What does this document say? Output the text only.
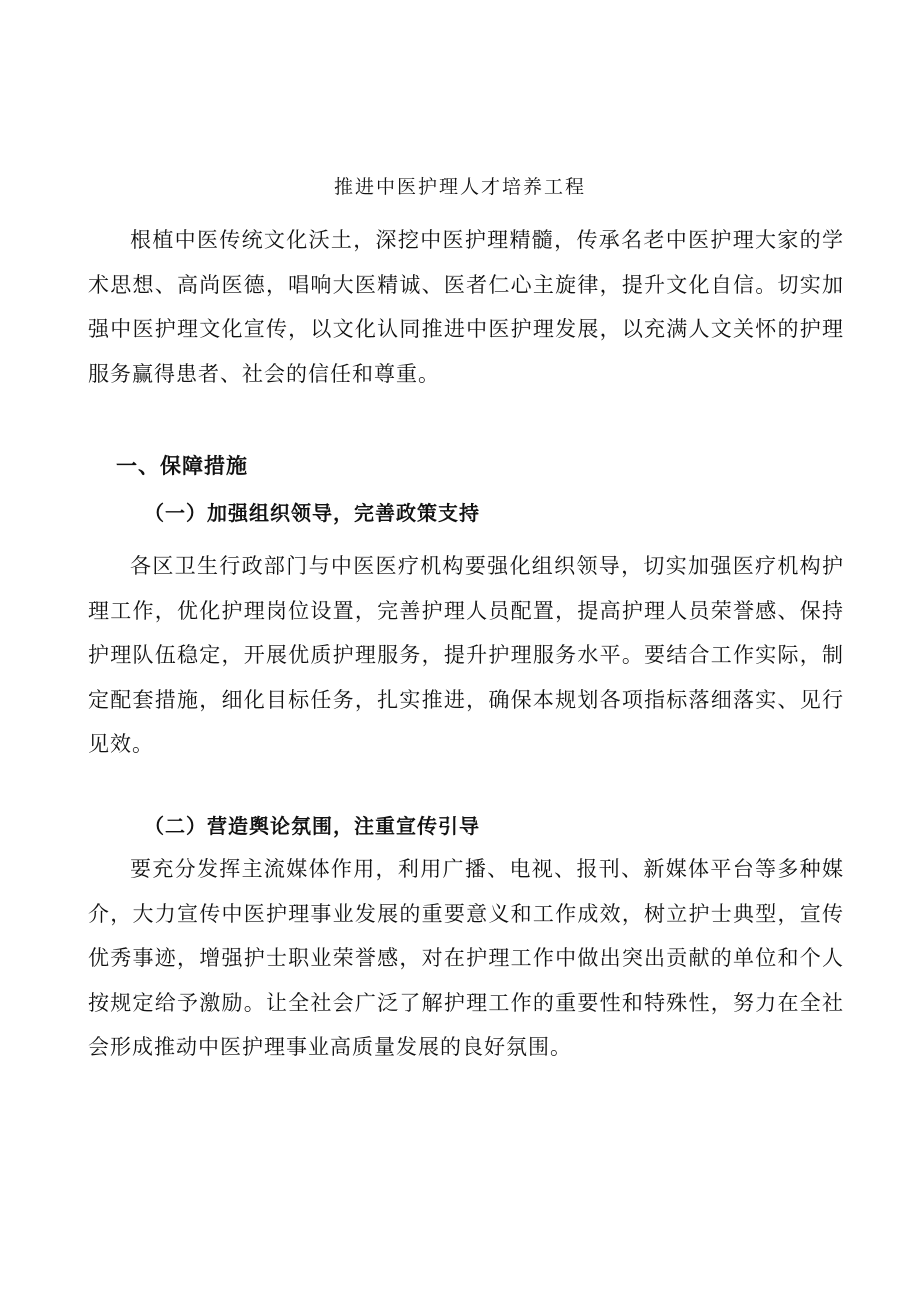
推进中医护理人才培养工程

根植中医传统文化沃土，深挖中医护理精髓，传承名老中医护理大家的学术思想、高尚医德，唱响大医精诚、医者仁心主旋律，提升文化自信。切实加强中医护理文化宣传，以文化认同推进中医护理发展，以充满人文关怀的护理服务赢得患者、社会的信任和尊重。

一、保障措施
（一）加强组织领导，完善政策支持

各区卫生行政部门与中医医疗机构要强化组织领导，切实加强医疗机构护理工作，优化护理岗位设置，完善护理人员配置，提高护理人员荣誉感、保持护理队伍稳定，开展优质护理服务，提升护理服务水平。要结合工作实际，制定配套措施，细化目标任务，扎实推进，确保本规划各项指标落细落实、见行见效。

（二）营造舆论氛围，注重宣传引导

要充分发挥主流媒体作用，利用广播、电视、报刊、新媒体平台等多种媒介，大力宣传中医护理事业发展的重要意义和工作成效，树立护士典型，宣传优秀事迹，增强护士职业荣誉感，对在护理工作中做出突出贡献的单位和个人按规定给予激励。让全社会广泛了解护理工作的重要性和特殊性，努力在全社会形成推动中医护理事业高质量发展的良好氛围。
